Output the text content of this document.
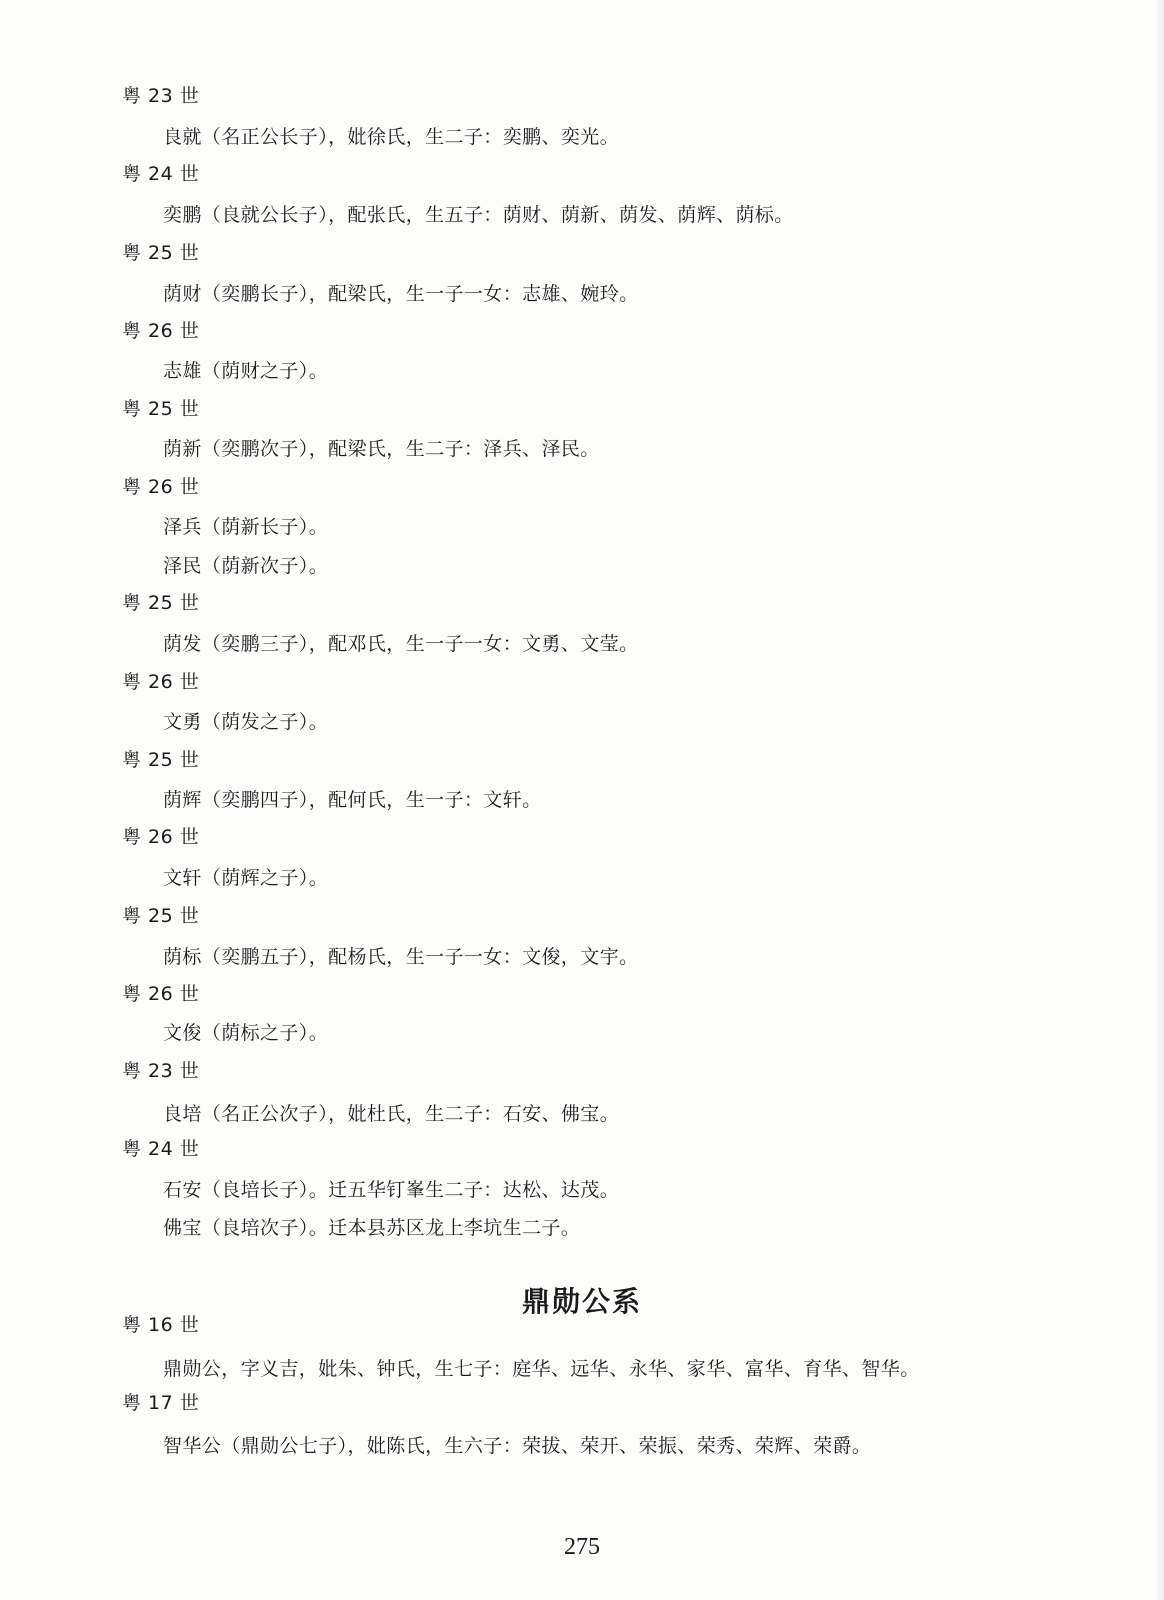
粤 23 世
良就（名正公长子），妣徐氏，生二子：奕鹏、奕光。
粤 24 世
奕鹏（良就公长子），配张氏，生五子：荫财、荫新、荫发、荫辉、荫标。
粤 25 世
荫财（奕鹏长子），配梁氏，生一子一女：志雄、婉玲。
粤 26 世
志雄（荫财之子）。
粤 25 世
荫新（奕鹏次子），配梁氏，生二子：泽兵、泽民。
粤 26 世
泽兵（荫新长子）。
泽民（荫新次子）。
粤 25 世
荫发（奕鹏三子），配邓氏，生一子一女：文勇、文莹。
粤 26 世
文勇（荫发之子）。
粤 25 世
荫辉（奕鹏四子），配何氏，生一子：文轩。
粤 26 世
文轩（荫辉之子）。
粤 25 世
荫标（奕鹏五子），配杨氏，生一子一女：文俊，文宇。
粤 26 世
文俊（荫标之子）。
粤 23 世
良培（名正公次子），妣杜氏，生二子：石安、佛宝。
粤 24 世
石安（良培长子）。迁五华钉峯生二子：达松、达茂。
佛宝（良培次子）。迁本县苏区龙上李坑生二子。
鼎勋公系
粤 16 世
鼎勋公，字义吉，妣朱、钟氏，生七子：庭华、远华、永华、家华、富华、育华、智华。
粤 17 世
智华公（鼎勋公七子），妣陈氏，生六子：荣拔、荣开、荣振、荣秀、荣辉、荣爵。
275
